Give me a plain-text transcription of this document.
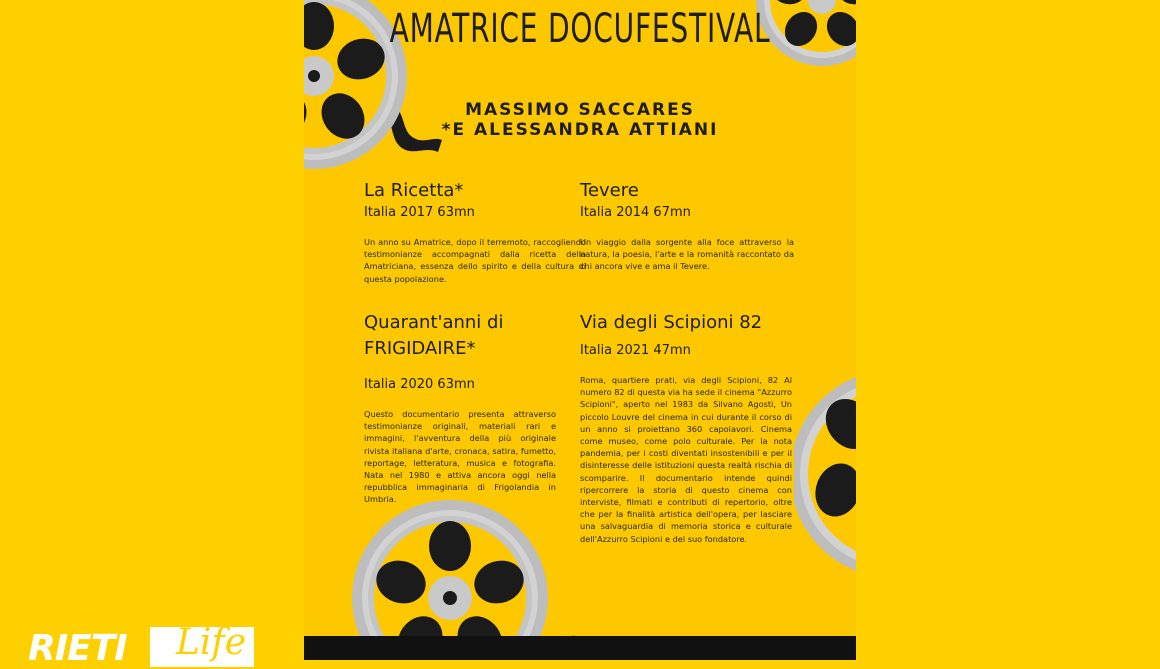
AMATRICE DOCUFESTIVAL
MASSIMO SACCARES
*E ALESSANDRA ATTIANI
La Ricetta*
Italia 2017 63mn

Un anno su Amatrice, dopo il terremoto, raccogliendo testimonianze accompagnati dalla ricetta della Amatriciana, essenza dello spirito e della cultura di questa popolazione.

Tevere
Italia 2014 67mn

Un viaggio dalla sorgente alla foce attraverso la natura, la poesia, l'arte e la romanità raccontato da chi ancora vive e ama il Tevere.

Quarant'anni di FRIGIDAIRE*
Italia 2020 63mn

Questo documentario presenta attraverso testimonianze originali, materiali rari e immagini, l'avventura della più originale rivista italiana d'arte, cronaca, satira, fumetto, reportage, letteratura, musica e fotografia. Nata nel 1980 e attiva ancora oggi nella repubblica immaginaria di Frigolandia in Umbria.

Via degli Scipioni 82
Italia 2021 47mn

Roma, quartiere prati, via degli Scipioni, 82 Al numero 82 di questa via ha sede il cinema "Azzurro Scipioni", aperto nel 1983 da Silvano Agosti, Un piccolo Louvre del cinema in cui durante il corso di un anno si proiettano 360 capolavori. Cinema come museo, come polo culturale. Per la nota pandemia, per i costi diventati insostenibili e per il disinteresse delle istituzioni questa realtà rischia di scomparire. Il documentario intende quindi ripercorrere la storia di questo cinema con interviste, filmati e contributi di repertorio, oltre che per la finalità artistica dell'opera, per lasciare una salvaguardia di memoria storica e culturale dell'Azzurro Scipioni e del suo fondatore.

RIETI Life
